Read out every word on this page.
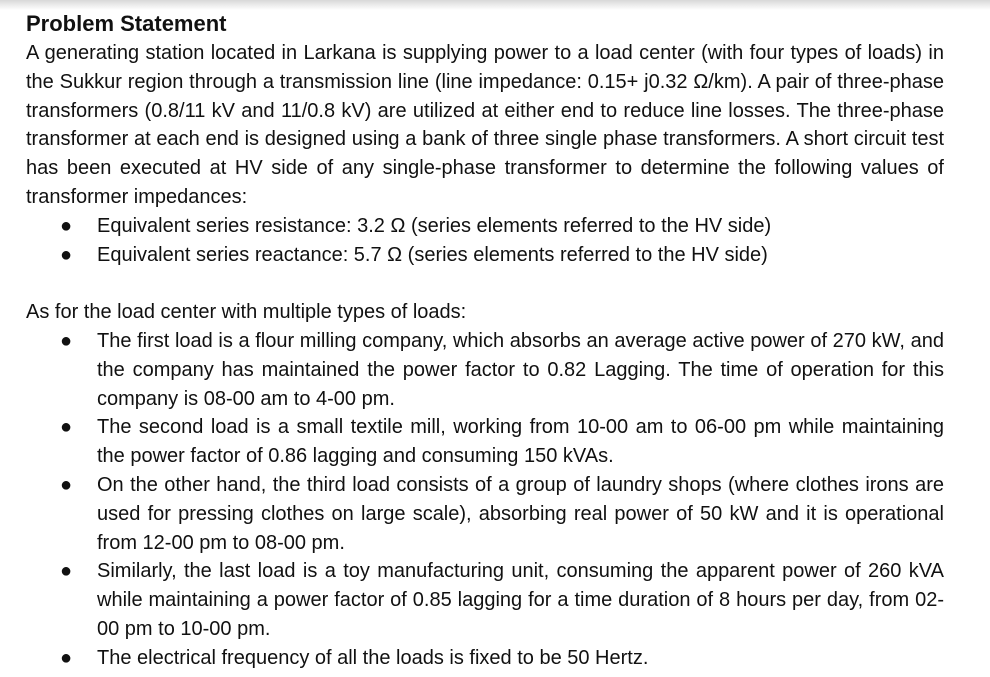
Problem Statement

A generating station located in Larkana is supplying power to a load center (with four types of loads) in the Sukkur region through a transmission line (line impedance: 0.15+ j0.32 Ω/km). A pair of three-phase transformers (0.8/11 kV and 11/0.8 kV) are utilized at either end to reduce line losses. The three-phase transformer at each end is designed using a bank of three single phase transformers. A short circuit test has been executed at HV side of any single-phase transformer to determine the following values of transformer impedances:

● Equivalent series resistance: 3.2 Ω (series elements referred to the HV side)
● Equivalent series reactance: 5.7 Ω (series elements referred to the HV side)

As for the load center with multiple types of loads:

● The first load is a flour milling company, which absorbs an average active power of 270 kW, and the company has maintained the power factor to 0.82 Lagging. The time of operation for this company is 08-00 am to 4-00 pm.
● The second load is a small textile mill, working from 10-00 am to 06-00 pm while maintaining the power factor of 0.86 lagging and consuming 150 kVAs.
● On the other hand, the third load consists of a group of laundry shops (where clothes irons are used for pressing clothes on large scale), absorbing real power of 50 kW and it is operational from 12-00 pm to 08-00 pm.
● Similarly, the last load is a toy manufacturing unit, consuming the apparent power of 260 kVA while maintaining a power factor of 0.85 lagging for a time duration of 8 hours per day, from 02-00 pm to 10-00 pm.
● The electrical frequency of all the loads is fixed to be 50 Hertz.
